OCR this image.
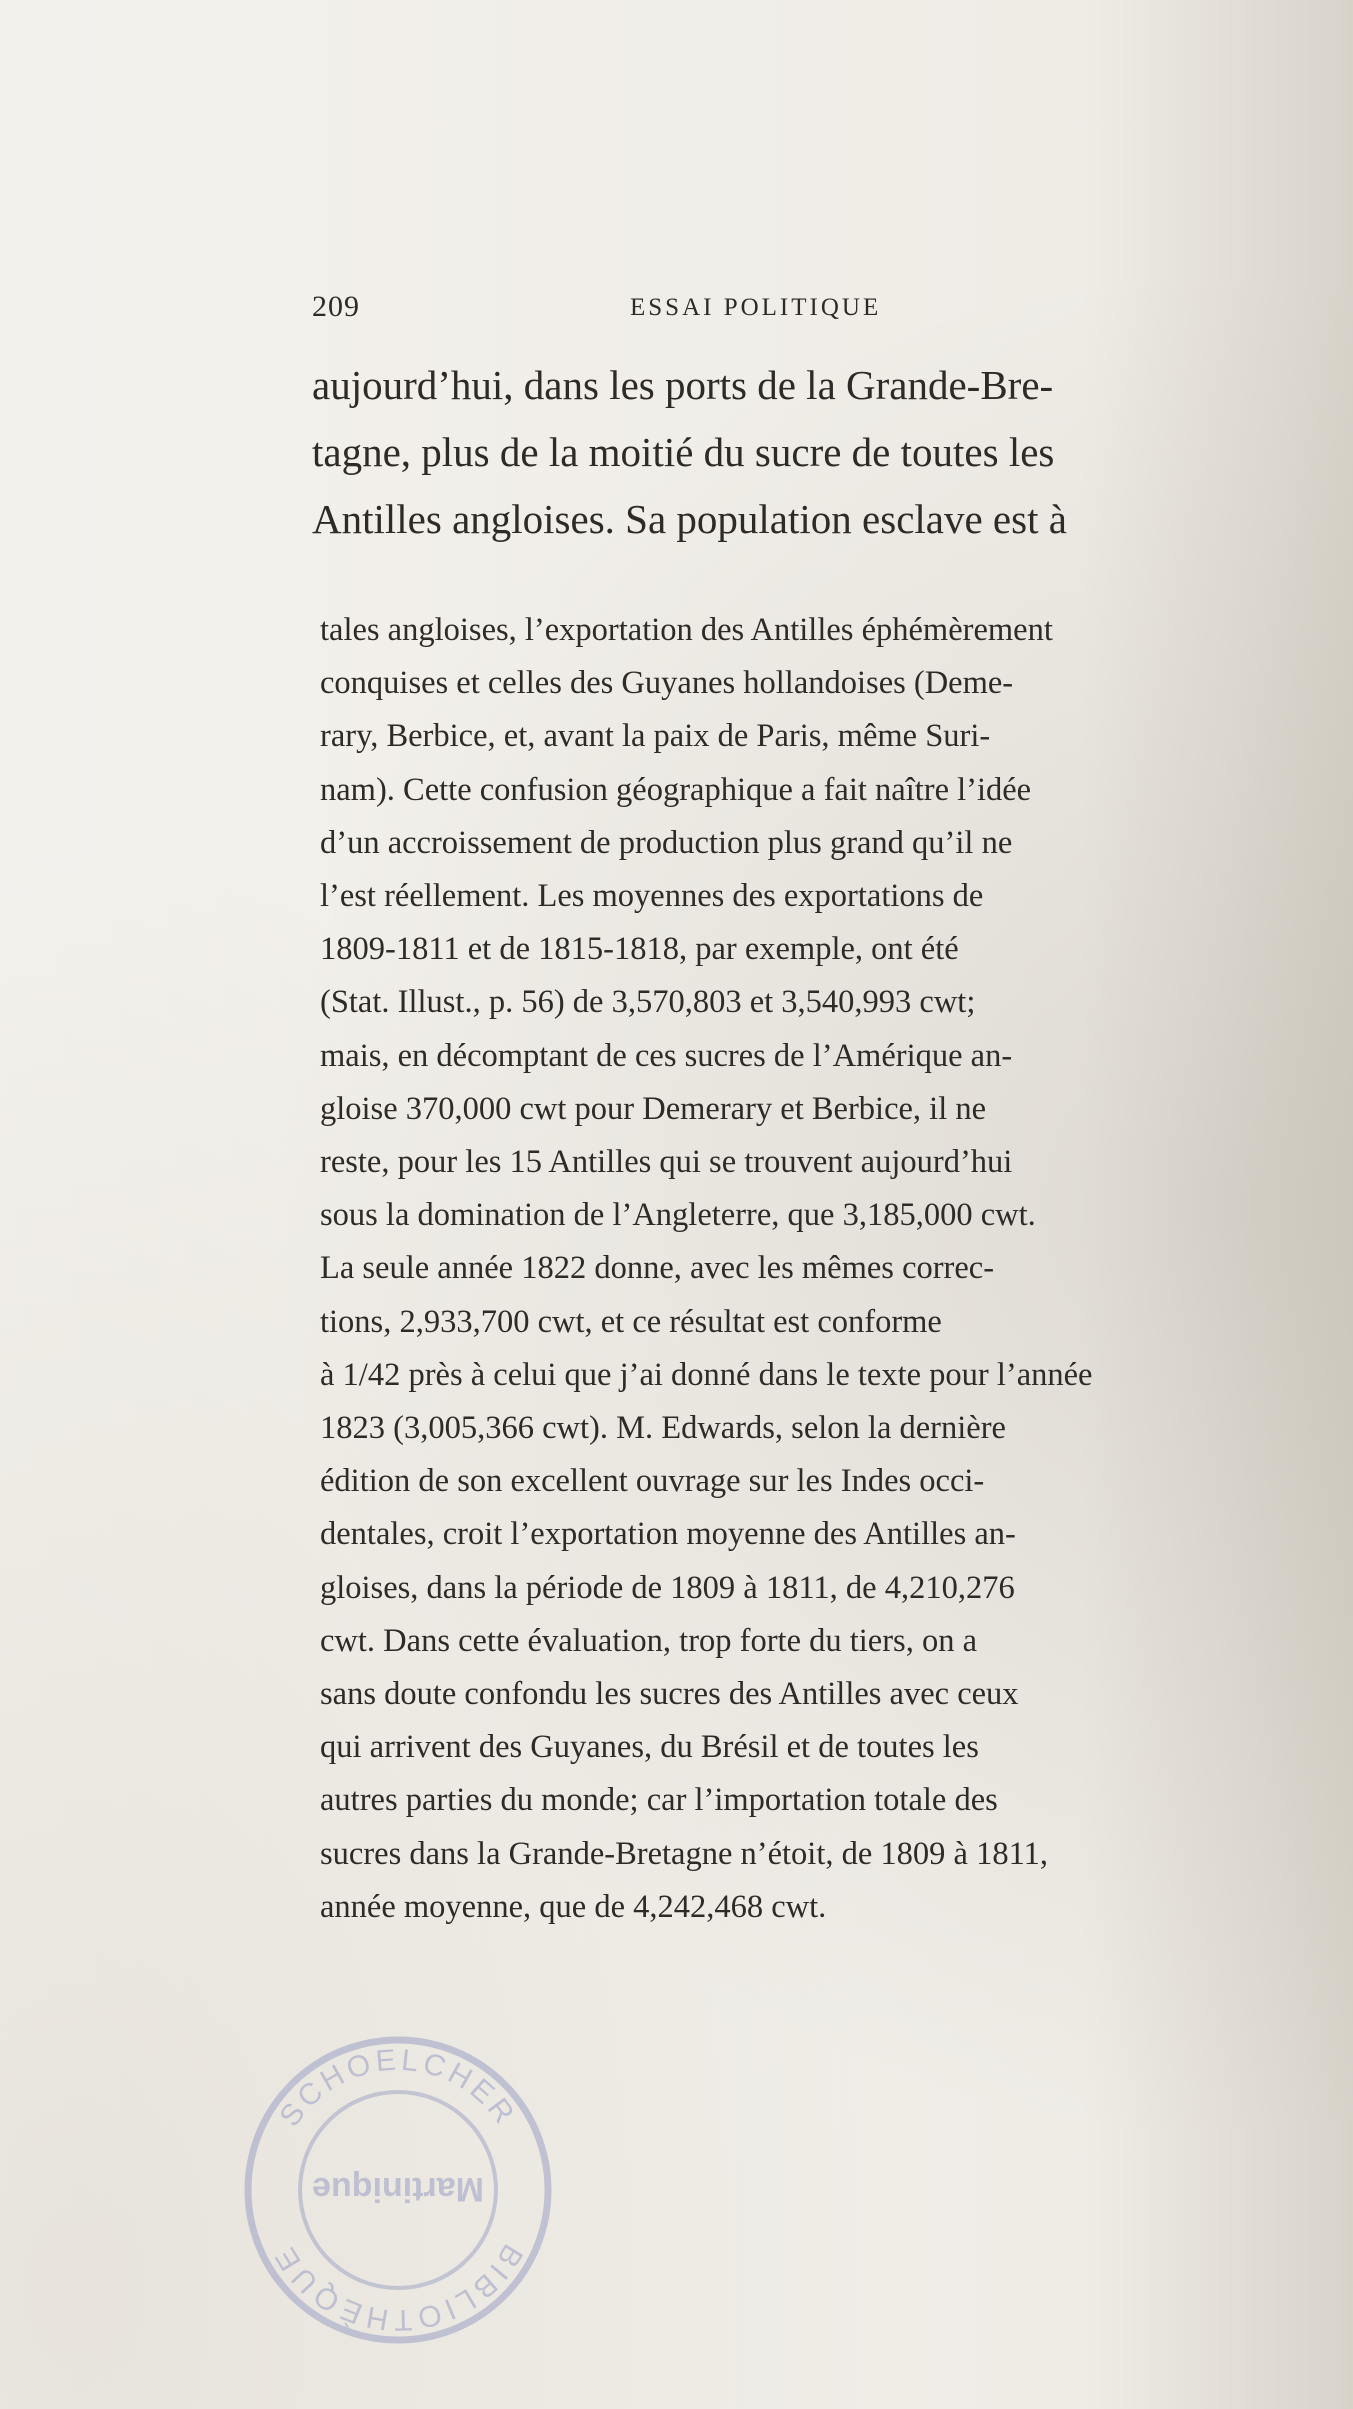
209	ESSAI POLITIQUE
aujourd’hui, dans les ports de la Grande-Bre-
tagne, plus de la moitié du sucre de toutes les
Antilles angloises. Sa population esclave est à
tales angloises, l’exportation des Antilles éphémèrement
conquises et celles des Guyanes hollandoises (Deme-
rary, Berbice, et, avant la paix de Paris, même Suri-
nam). Cette confusion géographique a fait naître l’idée
d’un accroissement de production plus grand qu’il ne
l’est réellement. Les moyennes des exportations de
1809-1811 et de 1815-1818, par exemple, ont été
(Stat. Illust., p. 56) de 3,570,803 et 3,540,993 cwt;
mais, en décomptant de ces sucres de l’Amérique an-
gloise 370,000 cwt pour Demerary et Berbice, il ne
reste, pour les 15 Antilles qui se trouvent aujourd’hui
sous la domination de l’Angleterre, que 3,185,000 cwt.
La seule année 1822 donne, avec les mêmes correc-
tions, 2,933,700 cwt, et ce résultat est conforme
à 1/42 près à celui que j’ai donné dans le texte pour l’année
1823 (3,005,366 cwt). M. Edwards, selon la dernière
édition de son excellent ouvrage sur les Indes occi-
dentales, croit l’exportation moyenne des Antilles an-
gloises, dans la période de 1809 à 1811, de 4,210,276
cwt. Dans cette évaluation, trop forte du tiers, on a
sans doute confondu les sucres des Antilles avec ceux
qui arrivent des Guyanes, du Brésil et de toutes les
autres parties du monde; car l’importation totale des
sucres dans la Grande-Bretagne n’étoit, de 1809 à 1811,
année moyenne, que de 4,242,468 cwt.
BIBLIOTHÈQUE
Martinique
SCHOELCHER
